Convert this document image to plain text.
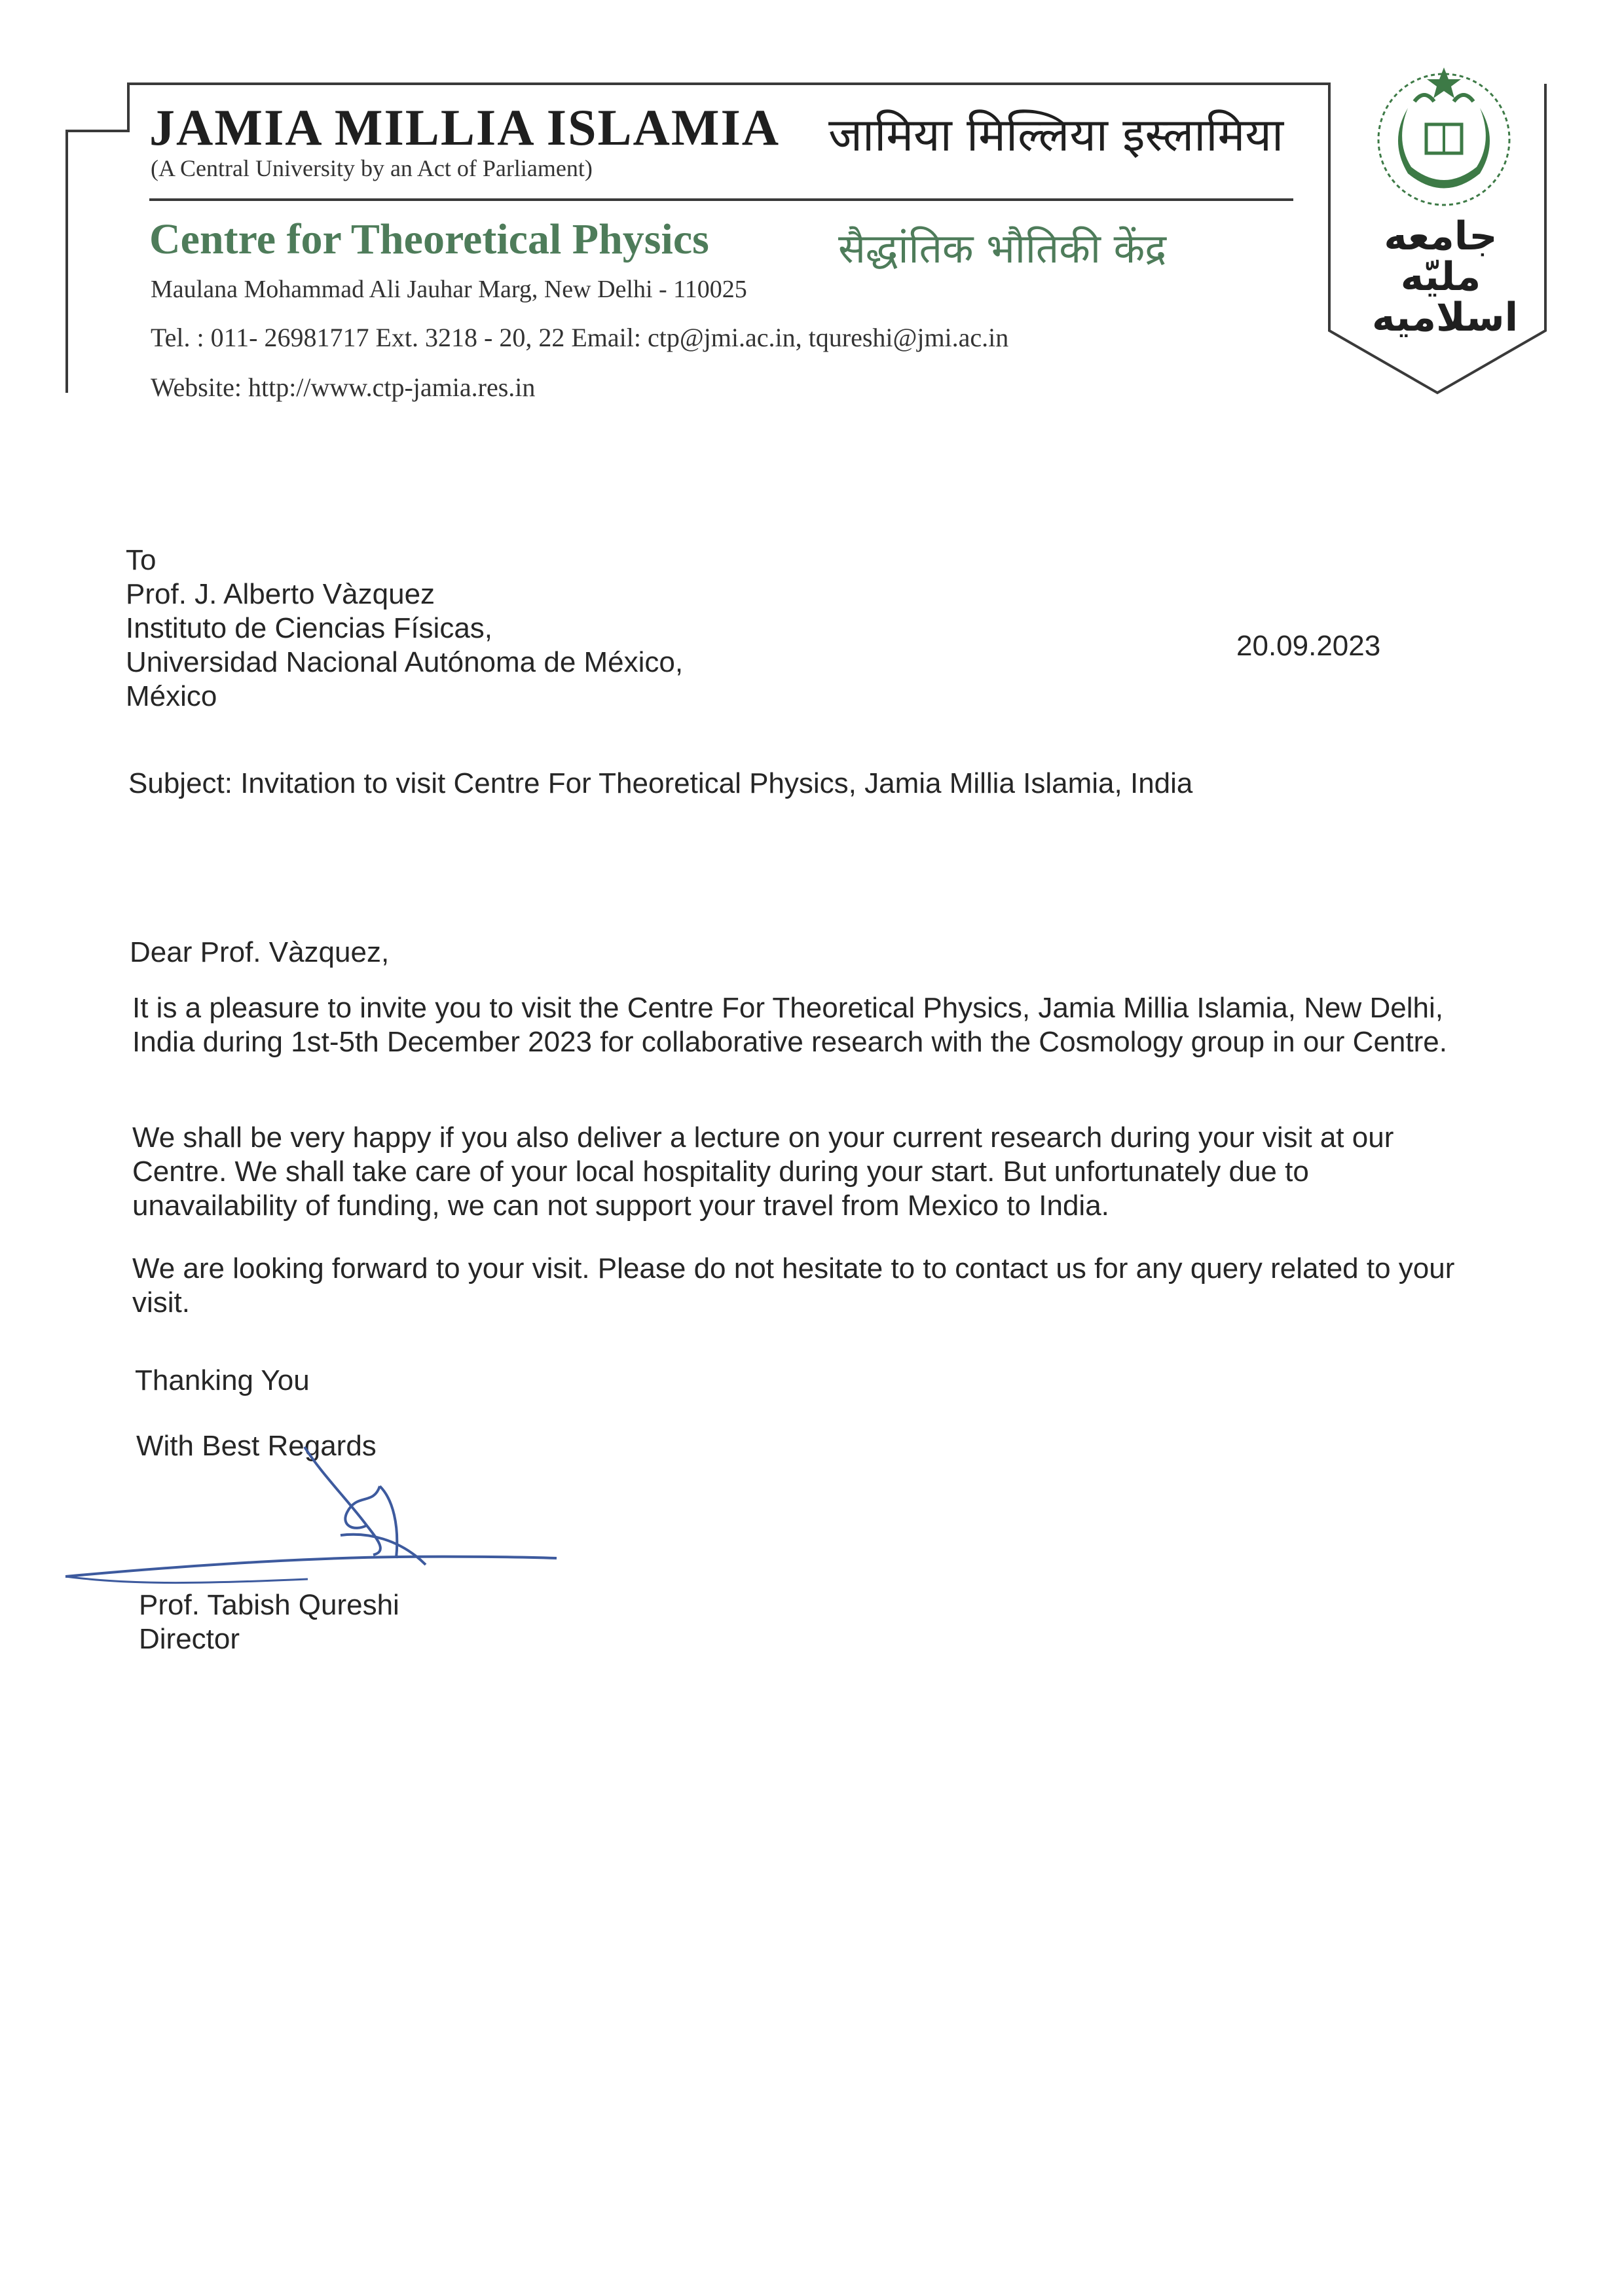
جامعه
مليّه
اسلاميه
JAMIA MILLIA ISLAMIA जामिया मिल्लिया इस्लामिया
(A Central University by an Act of Parliament)
Centre for Theoretical Physics	सैद्धांतिक भौतिकी केंद्र
Maulana Mohammad Ali Jauhar Marg, New Delhi - 110025
Tel. : 011- 26981717 Ext. 3218 - 20, 22 Email: ctp@jmi.ac.in, tqureshi@jmi.ac.in
Website: http://www.ctp-jamia.res.in
To
Prof. J. Alberto Vàzquez
Instituto de Ciencias Físicas,
Universidad Nacional Autónoma de México,
México
20.09.2023
Subject: Invitation to visit Centre For Theoretical Physics, Jamia Millia Islamia, India
Dear Prof. Vàzquez,
It is a pleasure to invite you to visit the Centre For Theoretical Physics, Jamia Millia Islamia, New Delhi, India during 1st-5th December 2023 for collaborative research with the Cosmology group in our Centre.
We shall be very happy if you also deliver a lecture on your current research during your visit at our Centre. We shall take care of your local hospitality during your start. But unfortunately due to unavailability of funding, we can not support your travel from Mexico to India.
We are looking forward to your visit. Please do not hesitate to to contact us for any query related to your visit.
Thanking You
With Best Regards
Prof. Tabish Qureshi
Director
